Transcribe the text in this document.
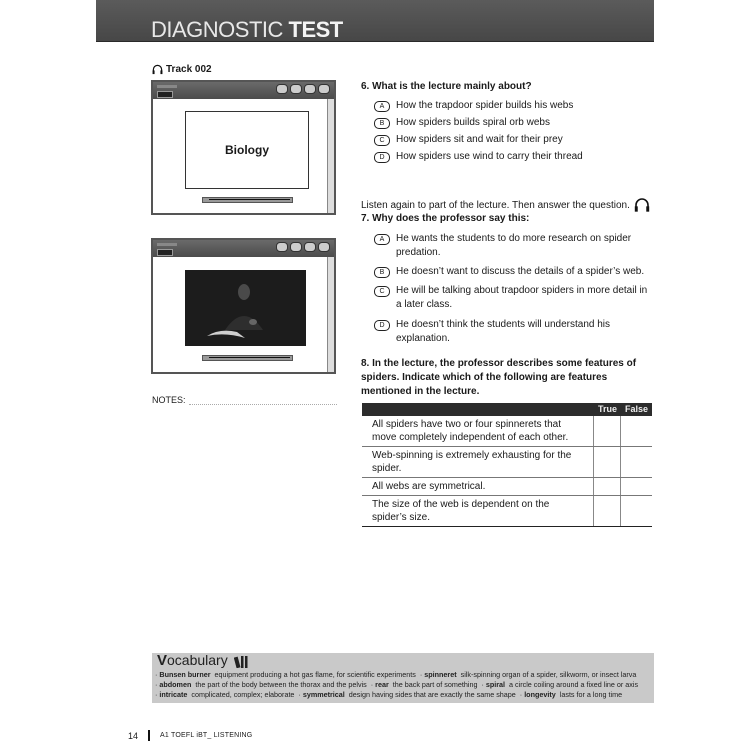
DIAGNOSTIC TEST
Track 002
Biology
NOTES:
6. What is the lecture mainly about?
A	How the trapdoor spider builds his webs
B	How spiders builds spiral orb webs
C	How spiders sit and wait for their prey
D	How spiders use wind to carry their thread
Listen again to part of the lecture. Then answer the question.
7. Why does the professor say this:
A	He wants the students to do more research on spider predation.
B	He doesn’t want to discuss the details of a spider’s web.
C	He will be talking about trapdoor spiders in more detail in a later class.
D	He doesn’t think the students will understand his explanation.
8. In the lecture, the professor describes some features of spiders. Indicate which of the following are features mentioned in the lecture.
	True	False
All spiders have two or four spinnerets that move completely independent of each other.		
Web-spinning is extremely exhausting for the spider.		
All webs are symmetrical.		
The size of the web is dependent on the spider’s size.		
Vocabulary
· Bunsen burner equipment producing a hot gas flame, for scientific experiments  · spinneret silk-spinning organ of a spider, silkworm, or insect larva
· abdomen the part of the body between the thorax and the pelvis  · rear the back part of something  · spiral a circle coiling around a fixed line or axis
· intricate complicated, complex; elaborate  · symmetrical design having sides that are exactly the same shape  · longevity lasts for a long time
14	A1 TOEFL iBT_ LISTENING
